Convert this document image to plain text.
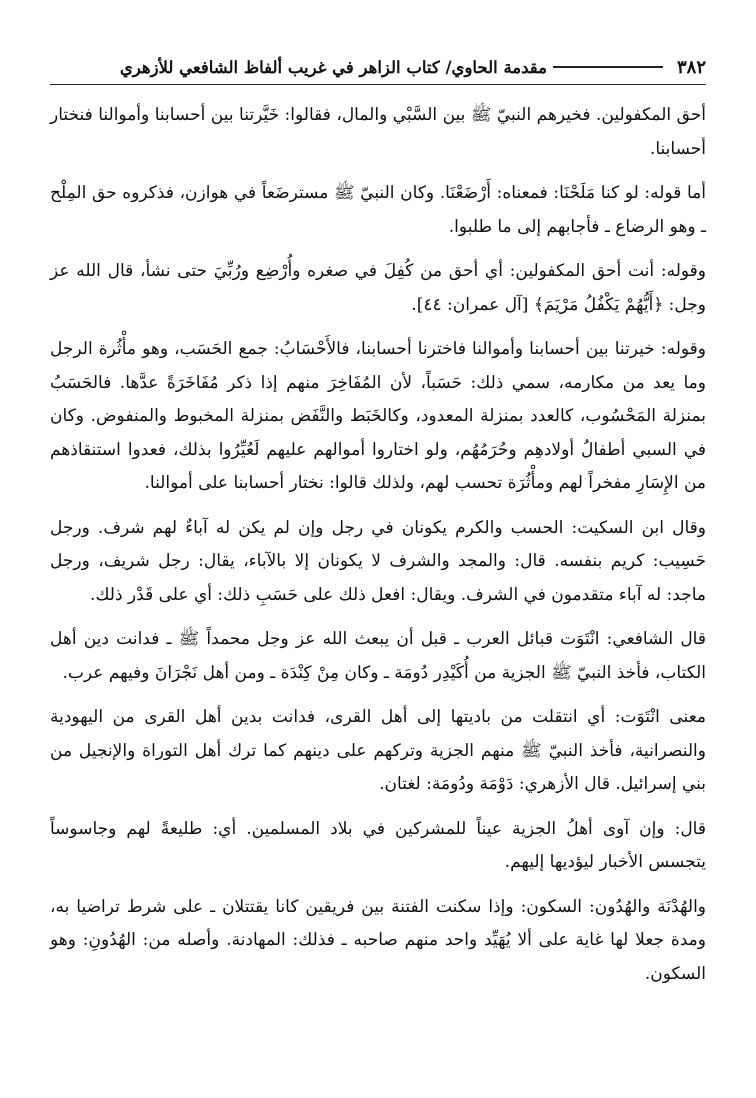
٣٨٢
مقدمة الحاوي/ كتاب الزاهر في غريب ألفاظ الشافعي للأزهري

أحق المكفولين. فخيرهم النبيّ ﷺ بين السَّبْي والمال، فقالوا: خَيَّرتنا بين أحسابنا وأموالنا فنختار أحسابنا.

أما قوله: لو كنا مَلَحْنَا: فمعناه: أَرْضَعْنَا. وكان النبيّ ﷺ مسترضَعاً في هوازن، فذكروه حق المِلْح ـ وهو الرضاع ـ فأجابهم إلى ما طلبوا.

وقوله: أنت أحق المكفولين: أي أحق من كُفِلَ في صغره وأُرْضِع ورُبِّيَ حتى نشأ، قال الله عز وجل: ﴿أَيُّهُمْ يَكْفُلُ مَرْيَمَ﴾ [آل عمران: ٤٤].

وقوله: خيرتنا بين أحسابنا وأموالنا فاخترنا أحسابنا، فالأَحْسَابُ: جمع الحَسَب، وهو مأْثُرة الرجل وما يعد من مكارمه، سمي ذلك: حَسَباً، لأن المُفَاخِرَ منهم إذا ذكر مُفَاخَرَةً عدَّها. فالحَسَبُ بمنزلة المَحْسُوب، كالعدد بمنزلة المعدود، وكالخَبَط والنَّفَض بمنزلة المخبوط والمنفوض. وكان في السبي أطفالُ أولادهِم وحُرَمُهُم، ولو اختاروا أموالهم عليهم لَعُيِّرُوا بذلك، فعدوا استنقاذهم من الإِسَارِ مفخراً لهم ومأْثُرَة تحسب لهم، ولذلك قالوا: نختار أحسابنا على أموالنا.

وقال ابن السكيت: الحسب والكرم يكونان في رجل وإن لم يكن له آباءٌ لهم شرف. ورجل حَسِيب: كريم بنفسه. قال: والمجد والشرف لا يكونان إلا بالآباء، يقال: رجل شريف، ورجل ماجد: له آباء متقدمون في الشرف. ويقال: افعل ذلك على حَسَبِ ذلك: أي على قَدْر ذلك.

قال الشافعي: انْتَوَت قبائل العرب ـ قبل أن يبعث الله عز وجل محمداً ﷺ ـ فدانت دين أهل الكتاب، فأخذ النبيّ ﷺ الجزية من أُكَيْدِر دُومَة ـ وكان مِنْ كِنْدَة ـ ومن أهل نَجْرَانَ وفيهم عرب.

معنى انْتَوَت: أي انتقلت من باديتها إلى أهل القرى، فدانت بدين أهل القرى من اليهودية والنصرانية، فأخذ النبيّ ﷺ منهم الجزية وتركهم على دينهم كما ترك أهل التوراة والإنجيل من بني إسرائيل. قال الأزهري: دَوْمَة ودُومَة: لغتان.

قال: وإن آوى أهلُ الجزية عيناً للمشركين في بلاد المسلمين. أي: طليعةً لهم وجاسوساً يتجسس الأخبار ليؤديها إليهم.

والهُدْنَة والهُدُون: السكون: وإذا سكنت الفتنة بين فريقين كانا يقتتلان ـ على شرط تراضيا به، ومدة جعلا لها غاية على ألا يُهَيِّد واحد منهم صاحبه ـ فذلك: المهادنة. وأصله من: الهُدُونِ: وهو السكون.
